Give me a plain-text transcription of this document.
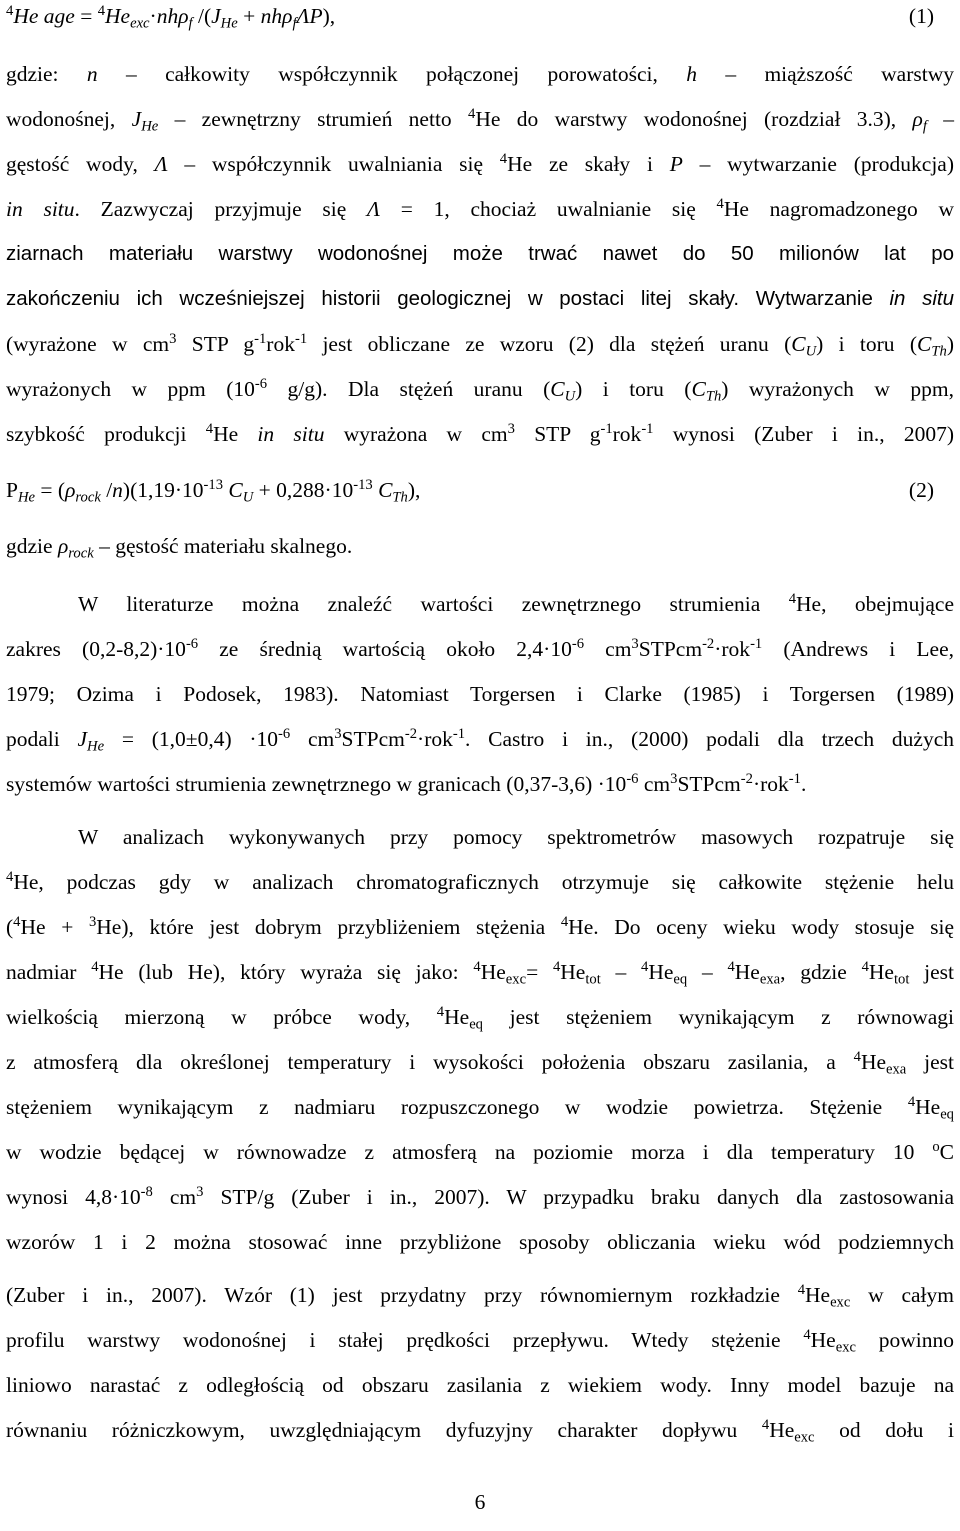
$^4$He age = $^4He_{exc}\cdot nh\rho_f$ $/(J_{He} + nh\rho_f\Lambda P)$,	(1)
gdzie: n – całkowity współczynnik połączonej porowatości, h – miąższość warstwy
wodonośnej, $J_{He}$ – zewnętrzny strumień netto $^4$He do warstwy wodonośnej (rozdział 3.3), $\rho_f$ –
gęstość wody, Λ – współczynnik uwalniania się $^4$He ze skały i P – wytwarzanie (produkcja)
in situ. Zazwyczaj przyjmuje się Λ = 1, chociaż uwalnianie się $^4$He nagromadzonego w
ziarnach materiału warstwy wodonośnej może trwać nawet do 50 milionów lat po
zakończeniu ich wcześniejszej historii geologicznej w postaci litej skały. Wytwarzanie in situ
(wyrażone w $cm^3$ STP $g^{-1}rok^{-1}$ jest obliczane ze wzoru (2) dla stężeń uranu $(C_U)$ i toru $(C_{Th})$
wyrażonych w ppm ($10^{-6}$ g/g). Dla stężeń uranu $(C_U)$ i toru $(C_{Th})$ wyrażonych w ppm,
szybkość produkcji $^4$He in situ wyrażona w $cm^3$ STP $g^{-1}rok^{-1}$ wynosi (Zuber i in., 2007)
$P_{He} = (\rho_{rock}$ $/n)(1,19\cdot 10^{-13}$ $C_U + 0,288\cdot 10^{-13}$ $C_{Th}$),	(2)
gdzie $\rho_{rock}$ – gęstość materiału skalnego.
W literaturze można znaleźć wartości zewnętrznego strumienia $^4$He, obejmujące
zakres $(0,2-8,2)\cdot 10^{-6}$ ze średnią wartością około $2,4\cdot 10^{-6}$ $cm^3STPcm^{-2}\cdot rok^{-1}$ (Andrews i Lee,
1979; Ozima i Podosek, 1983). Natomiast Torgersen i Clarke (1985) i Torgersen (1989)
podali $J_{He} = (1,0\pm 0,4) \cdot 10^{-6}$ $cm^3STPcm^{-2}\cdot rok^{-1}$. Castro i in., (2000) podali dla trzech dużych
systemów wartości strumienia zewnętrznego w granicach $(0,37-3,6) \cdot 10^{-6}$ $cm^3STPcm^{-2}\cdot rok^{-1}$.
W analizach wykonywanych przy pomocy spektrometrów masowych rozpatruje się
$^4$He, podczas gdy w analizach chromatograficznych otrzymuje się całkowite stężenie helu
($^4$He + $^3$He), które jest dobrym przybliżeniem stężenia $^4$He. Do oceny wieku wody stosuje się
nadmiar $^4$He (lub He), który wyraża się jako: $^4He_{exc}= ^4He_{tot} - ^4He_{eq} - ^4He_{exa}$, gdzie $^4He_{tot}$ jest
wielkością mierzoną w próbce wody, $^4He_{eq}$ jest stężeniem wynikającym z równowagi
z atmosferą dla określonej temperatury i wysokości położenia obszaru zasilania, a $^4He_{exa}$ jest
stężeniem wynikającym z nadmiaru rozpuszczonego w wodzie powietrza. Stężenie $^4He_{eq}$
w wodzie będącej w równowadze z atmosferą na poziomie morza i dla temperatury 10 $^o$C
wynosi $4,8\cdot 10^{-8}$ $cm^3$ STP/g (Zuber i in., 2007). W przypadku braku danych dla zastosowania
wzorów 1 i 2 można stosować inne przybliżone sposoby obliczania wieku wód podziemnych
(Zuber i in., 2007). Wzór (1) jest przydatny przy równomiernym rozkładzie $^4He_{exc}$ w całym
profilu warstwy wodonośnej i stałej prędkości przepływu. Wtedy stężenie $^4He_{exc}$ powinno
liniowo narastać z odległością od obszaru zasilania z wiekiem wody. Inny model bazuje na
równaniu różniczkowym, uwzględniającym dyfuzyjny charakter dopływu $^4He_{exc}$ od dołu i
6
